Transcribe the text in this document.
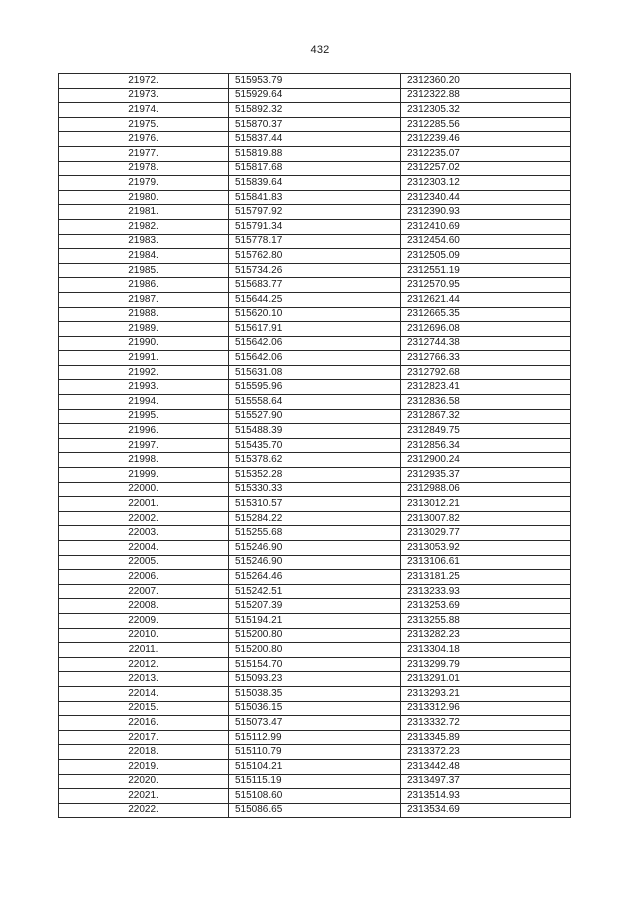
432
21972.	515953.79	2312360.20
21973.	515929.64	2312322.88
21974.	515892.32	2312305.32
21975.	515870.37	2312285.56
21976.	515837.44	2312239.46
21977.	515819.88	2312235.07
21978.	515817.68	2312257.02
21979.	515839.64	2312303.12
21980.	515841.83	2312340.44
21981.	515797.92	2312390.93
21982.	515791.34	2312410.69
21983.	515778.17	2312454.60
21984.	515762.80	2312505.09
21985.	515734.26	2312551.19
21986.	515683.77	2312570.95
21987.	515644.25	2312621.44
21988.	515620.10	2312665.35
21989.	515617.91	2312696.08
21990.	515642.06	2312744.38
21991.	515642.06	2312766.33
21992.	515631.08	2312792.68
21993.	515595.96	2312823.41
21994.	515558.64	2312836.58
21995.	515527.90	2312867.32
21996.	515488.39	2312849.75
21997.	515435.70	2312856.34
21998.	515378.62	2312900.24
21999.	515352.28	2312935.37
22000.	515330.33	2312988.06
22001.	515310.57	2313012.21
22002.	515284.22	2313007.82
22003.	515255.68	2313029.77
22004.	515246.90	2313053.92
22005.	515246.90	2313106.61
22006.	515264.46	2313181.25
22007.	515242.51	2313233.93
22008.	515207.39	2313253.69
22009.	515194.21	2313255.88
22010.	515200.80	2313282.23
22011.	515200.80	2313304.18
22012.	515154.70	2313299.79
22013.	515093.23	2313291.01
22014.	515038.35	2313293.21
22015.	515036.15	2313312.96
22016.	515073.47	2313332.72
22017.	515112.99	2313345.89
22018.	515110.79	2313372.23
22019.	515104.21	2313442.48
22020.	515115.19	2313497.37
22021.	515108.60	2313514.93
22022.	515086.65	2313534.69
